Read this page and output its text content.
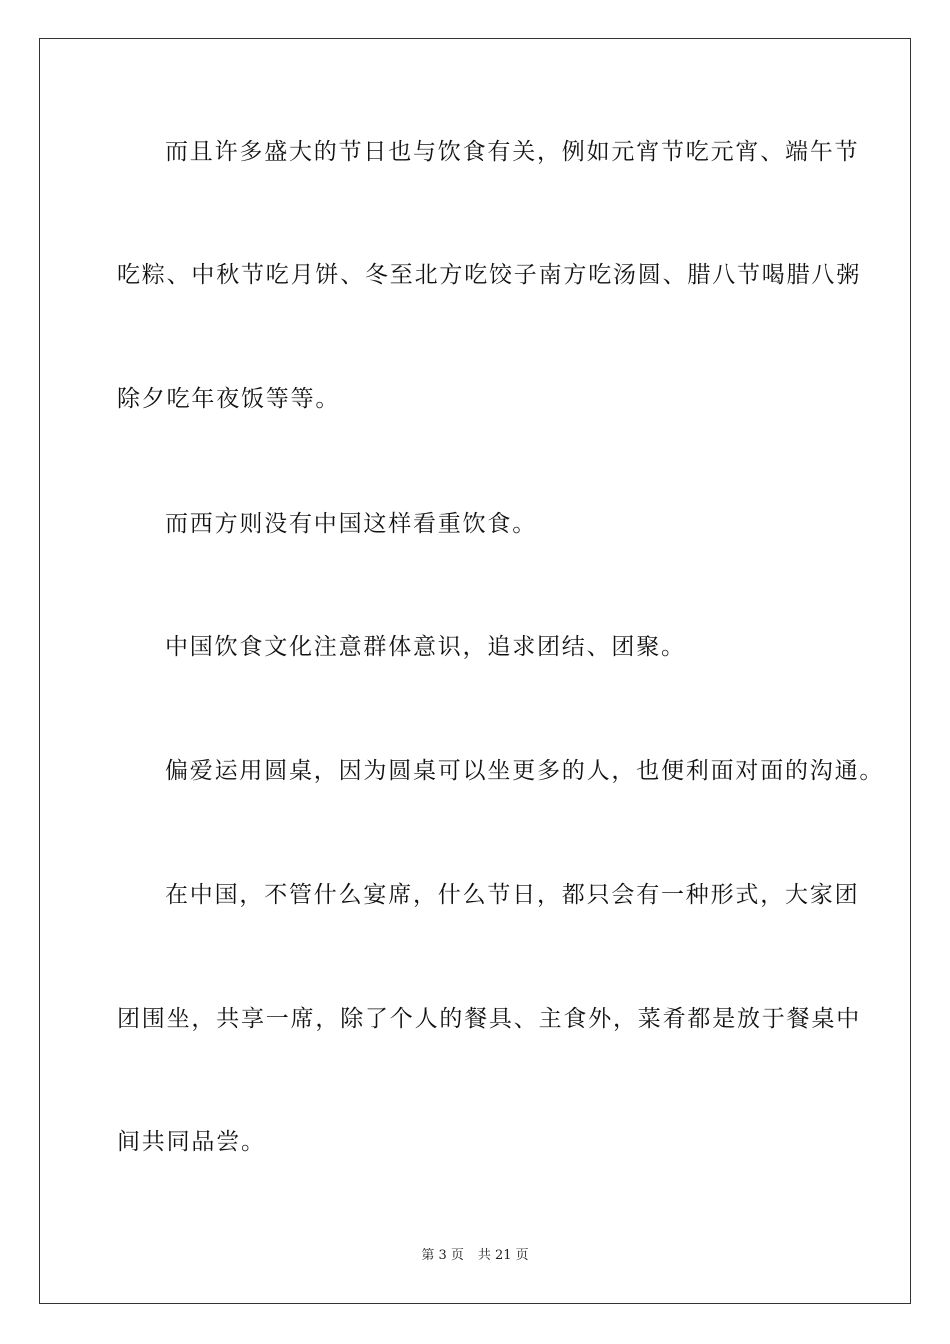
而且许多盛大的节日也与饮食有关，例如元宵节吃元宵、端午节
吃粽、中秋节吃月饼、冬至北方吃饺子南方吃汤圆、腊八节喝腊八粥
除夕吃年夜饭等等。
而西方则没有中国这样看重饮食。
中国饮食文化注意群体意识，追求团结、团聚。
偏爱运用圆桌，因为圆桌可以坐更多的人，也便利面对面的沟通。
在中国，不管什么宴席，什么节日，都只会有一种形式，大家团
团围坐，共享一席，除了个人的餐具、主食外，菜肴都是放于餐桌中
间共同品尝。
第 3 页 共 21 页
